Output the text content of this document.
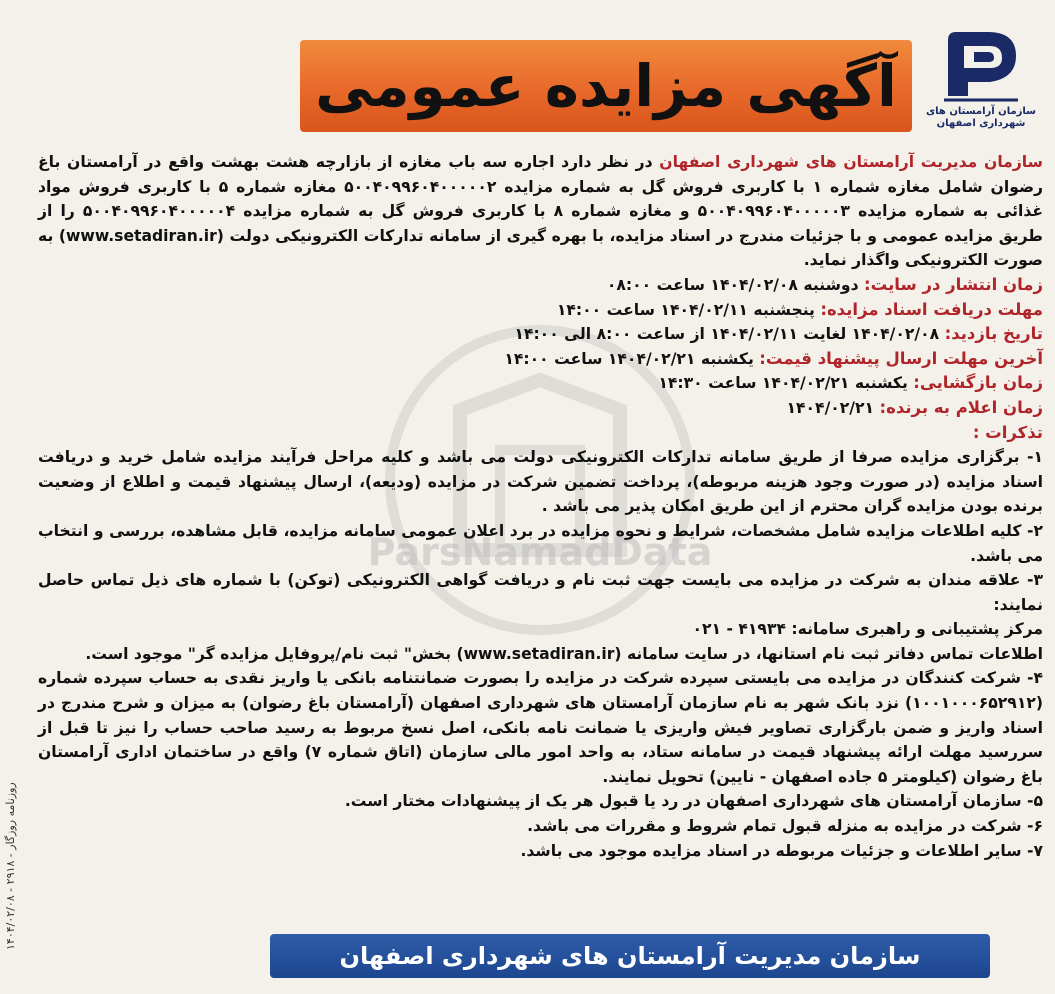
سازمان آرامستان های
شهرداری اصفهان
آگهی مزایده عمومی
ParsNamadData

سازمان مدیریت آرامستان های شهرداری اصفهان در نظر دارد اجاره سه باب مغازه از بازارچه هشت بهشت واقع در آرامستان باغ رضوان شامل مغازه شماره ۱ با کاربری فروش گل به شماره مزایده ۵۰۰۴۰۹۹۶۰۴۰۰۰۰۰۲ مغازه شماره ۵ با کاربری فروش مواد غذائی به شماره مزایده ۵۰۰۴۰۹۹۶۰۴۰۰۰۰۰۳ و مغازه شماره ۸ با کاربری فروش گل به شماره مزایده ۵۰۰۴۰۹۹۶۰۴۰۰۰۰۰۴ را از طریق مزایده عمومی و با جزئیات مندرج در اسناد مزایده، با بهره گیری از سامانه تدارکات الکترونیکی دولت (www.setadiran.ir) به صورت الکترونیکی واگذار نماید.

زمان انتشار در سایت: دوشنبه ۱۴۰۴/۰۲/۰۸ ساعت ۰۸:۰۰

مهلت دریافت اسناد مزایده: پنجشنبه ۱۴۰۴/۰۲/۱۱ ساعت ۱۴:۰۰

تاریخ بازدید: ۱۴۰۴/۰۲/۰۸ لغایت ۱۴۰۴/۰۲/۱۱ از ساعت ۸:۰۰ الی ۱۴:۰۰

آخرین مهلت ارسال پیشنهاد قیمت: یکشنبه ۱۴۰۴/۰۲/۲۱ ساعت ۱۴:۰۰

زمان بازگشایی: یکشنبه ۱۴۰۴/۰۲/۲۱ ساعت ۱۴:۳۰

زمان اعلام به برنده: ۱۴۰۴/۰۲/۲۱

تذکرات :

۱- برگزاری مزایده صرفا از طریق سامانه تدارکات الکترونیکی دولت می باشد و کلیه مراحل فرآیند مزایده شامل خرید و دریافت اسناد مزایده (در صورت وجود هزینه مربوطه)، پرداخت تضمین شرکت در مزایده (ودیعه)، ارسال پیشنهاد قیمت و اطلاع از وضعیت برنده بودن مزایده گران محترم از این طریق امکان پذیر می باشد .

۲- کلیه اطلاعات مزایده شامل مشخصات، شرایط و نحوه مزایده در برد اعلان عمومی سامانه مزایده، قابل مشاهده، بررسی و انتخاب می باشد.

۳- علاقه مندان به شرکت در مزایده می بایست جهت ثبت نام و دریافت گواهی الکترونیکی (توکن) با شماره های ذیل تماس حاصل نمایند:

مرکز پشتیبانی و راهبری سامانه: ۴۱۹۳۴ - ۰۲۱

اطلاعات تماس دفاتر ثبت نام استانها، در سایت سامانه (www.setadiran.ir) بخش" ثبت نام/پروفایل مزایده گر" موجود است.

۴- شرکت کنندگان در مزایده می بایستی سپرده شرکت در مزایده را بصورت ضمانتنامه بانکی یا واریز نقدی به حساب سپرده شماره (۱۰۰۱۰۰۰۶۵۲۹۱۲) نزد بانک شهر به نام سازمان آرامستان های شهرداری اصفهان (آرامستان باغ رضوان) به میزان و شرح مندرج در اسناد واریز و ضمن بارگزاری تصاویر فیش واریزی یا ضمانت نامه بانکی، اصل نسخ مربوط به رسید صاحب حساب را نیز تا قبل از سررسید مهلت ارائه پیشنهاد قیمت در سامانه ستاد، به واحد امور مالی سازمان (اتاق شماره ۷) واقع در ساختمان اداری آرامستان باغ رضوان (کیلومتر ۵ جاده اصفهان - نایین) تحویل نمایند.

۵- سازمان آرامستان های شهرداری اصفهان در رد یا قبول هر یک از پیشنهادات مختار است.

۶- شرکت در مزایده به منزله قبول تمام شروط و مقررات می باشد.

۷- سایر اطلاعات و جزئیات مربوطه در اسناد مزایده موجود می باشد.

روزنامه روزگار - ۲۹۱۸ - ۱۴۰۴/۰۲/۰۸
سازمان مدیریت آرامستان های شهرداری اصفهان
